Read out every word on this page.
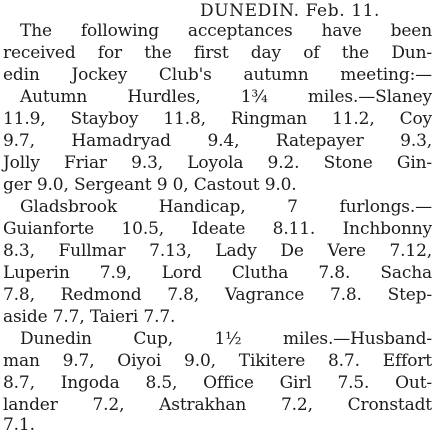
DUNEDIN. Feb. 11.
The following acceptances have been
received for the first day of the Dun-
edin Jockey Club's autumn meeting:—
Autumn Hurdles, 1¾ miles.—Slaney
11.9, Stayboy 11.8, Ringman 11.2, Coy
9.7, Hamadryad 9.4, Ratepayer 9.3,
Jolly Friar 9.3, Loyola 9.2. Stone Gin-
ger 9.0, Sergeant 9 0, Castout 9.0.
Gladsbrook Handicap, 7 furlongs.—
Guianforte 10.5, Ideate 8.11. Inchbonny
8.3, Fullmar 7.13, Lady De Vere 7.12,
Luperin 7.9, Lord Clutha 7.8. Sacha
7.8, Redmond 7.8, Vagrance 7.8. Step-
aside 7.7, Taieri 7.7.
Dunedin Cup, 1½ miles.—Husband-
man 9.7, Oiyoi 9.0, Tikitere 8.7. Effort
8.7, Ingoda 8.5, Office Girl 7.5. Out-
lander 7.2, Astrakhan 7.2, Cronstadt
7.1.
